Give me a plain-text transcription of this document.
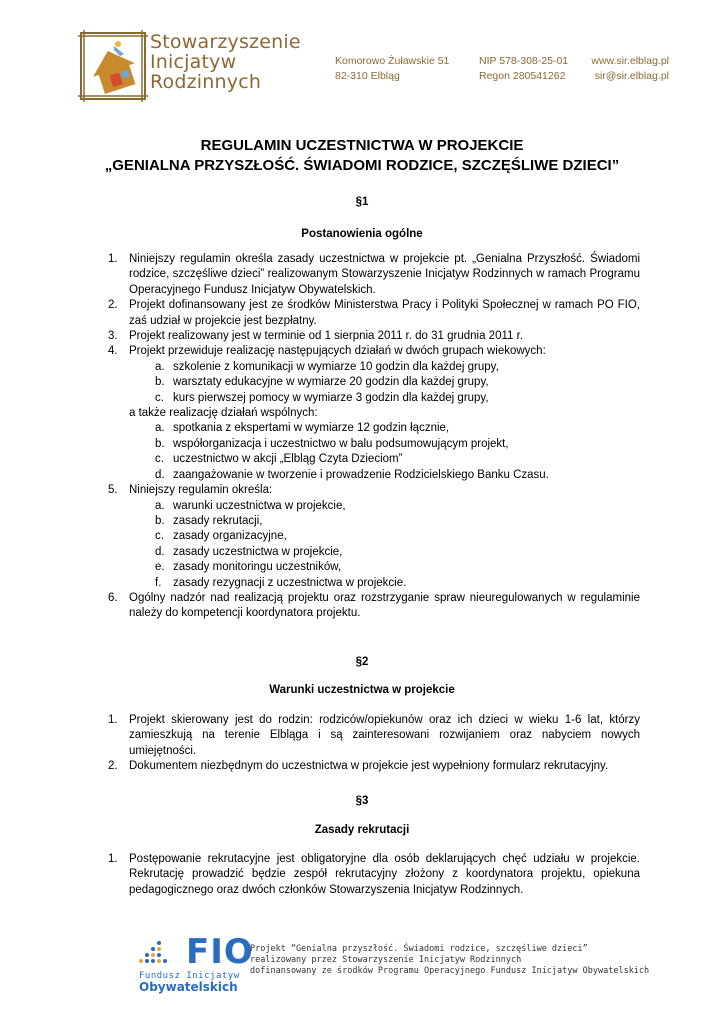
Stowarzyszenie
Inicjatyw
Rodzinnych
Komorowo Żuławskie 51
82-310 Elbląg
NIP 578-308-25-01
Regon 280541262
www.sir.elblag.pl
sir@sir.elblag.pl
REGULAMIN UCZESTNICTWA W PROJEKCIE
„GENIALNA PRZYSZŁOŚĆ. ŚWIADOMI RODZICE, SZCZĘŚLIWE DZIECI”
§1
Postanowienia ogólne
1. Niniejszy regulamin określa zasady uczestnictwa w projekcie pt. „Genialna Przyszłość. Świadomi rodzice, szczęśliwe dzieci” realizowanym Stowarzyszenie Inicjatyw Rodzinnych w ramach Programu Operacyjnego Fundusz Inicjatyw Obywatelskich.
2. Projekt dofinansowany jest ze środków Ministerstwa Pracy i Polityki Społecznej w ramach PO FIO, zaś udział w projekcie jest bezpłatny.
3. Projekt realizowany jest w terminie od 1 sierpnia 2011 r. do 31 grudnia 2011 r.
4. Projekt przewiduje realizację następujących działań w dwóch grupach wiekowych:
a. szkolenie z komunikacji w wymiarze 10 godzin dla każdej grupy,
b. warsztaty edukacyjne w wymiarze 20 godzin dla każdej grupy,
c. kurs pierwszej pomocy w wymiarze 3 godzin dla każdej grupy,
a także realizację działań wspólnych:
a. spotkania z ekspertami w wymiarze 12 godzin łącznie,
b. współorganizacja i uczestnictwo w balu podsumowującym projekt,
c. uczestnictwo w akcji „Elbląg Czyta Dzieciom”
d. zaangażowanie w tworzenie i prowadzenie Rodzicielskiego Banku Czasu.
5. Niniejszy regulamin określa:
a. warunki uczestnictwa w projekcie,
b. zasady rekrutacji,
c. zasady organizacyjne,
d. zasady uczestnictwa w projekcie,
e. zasady monitoringu uczestników,
f. zasady rezygnacji z uczestnictwa w projekcie.
6. Ogólny nadzór nad realizacją projektu oraz rozstrzyganie spraw nieuregulowanych w regulaminie należy do kompetencji koordynatora projektu.
§2
Warunki uczestnictwa w projekcie
1. Projekt skierowany jest do rodzin: rodziców/opiekunów oraz ich dzieci w wieku 1-6 lat, którzy zamieszkują na terenie Elbląga i są zainteresowani rozwijaniem oraz nabyciem nowych umiejętności.
2. Dokumentem niezbędnym do uczestnictwa w projekcie jest wypełniony formularz rekrutacyjny.
§3
Zasady rekrutacji
1. Postępowanie rekrutacyjne jest obligatoryjne dla osób deklarujących chęć udziału w projekcie. Rekrutację prowadzić będzie zespół rekrutacyjny złożony z koordynatora projektu, opiekuna pedagogicznego oraz dwóch członków Stowarzyszenia Inicjatyw Rodzinnych.
FIO
Fundusz Inicjatyw
Obywatelskich
Projekt “Genialna przyszłość. Świadomi rodzice, szczęśliwe dzieci”
realizowany przez Stowarzyszenie Inicjatyw Rodzinnych
dofinansowany ze środków Programu Operacyjnego Fundusz Inicjatyw Obywatelskich
